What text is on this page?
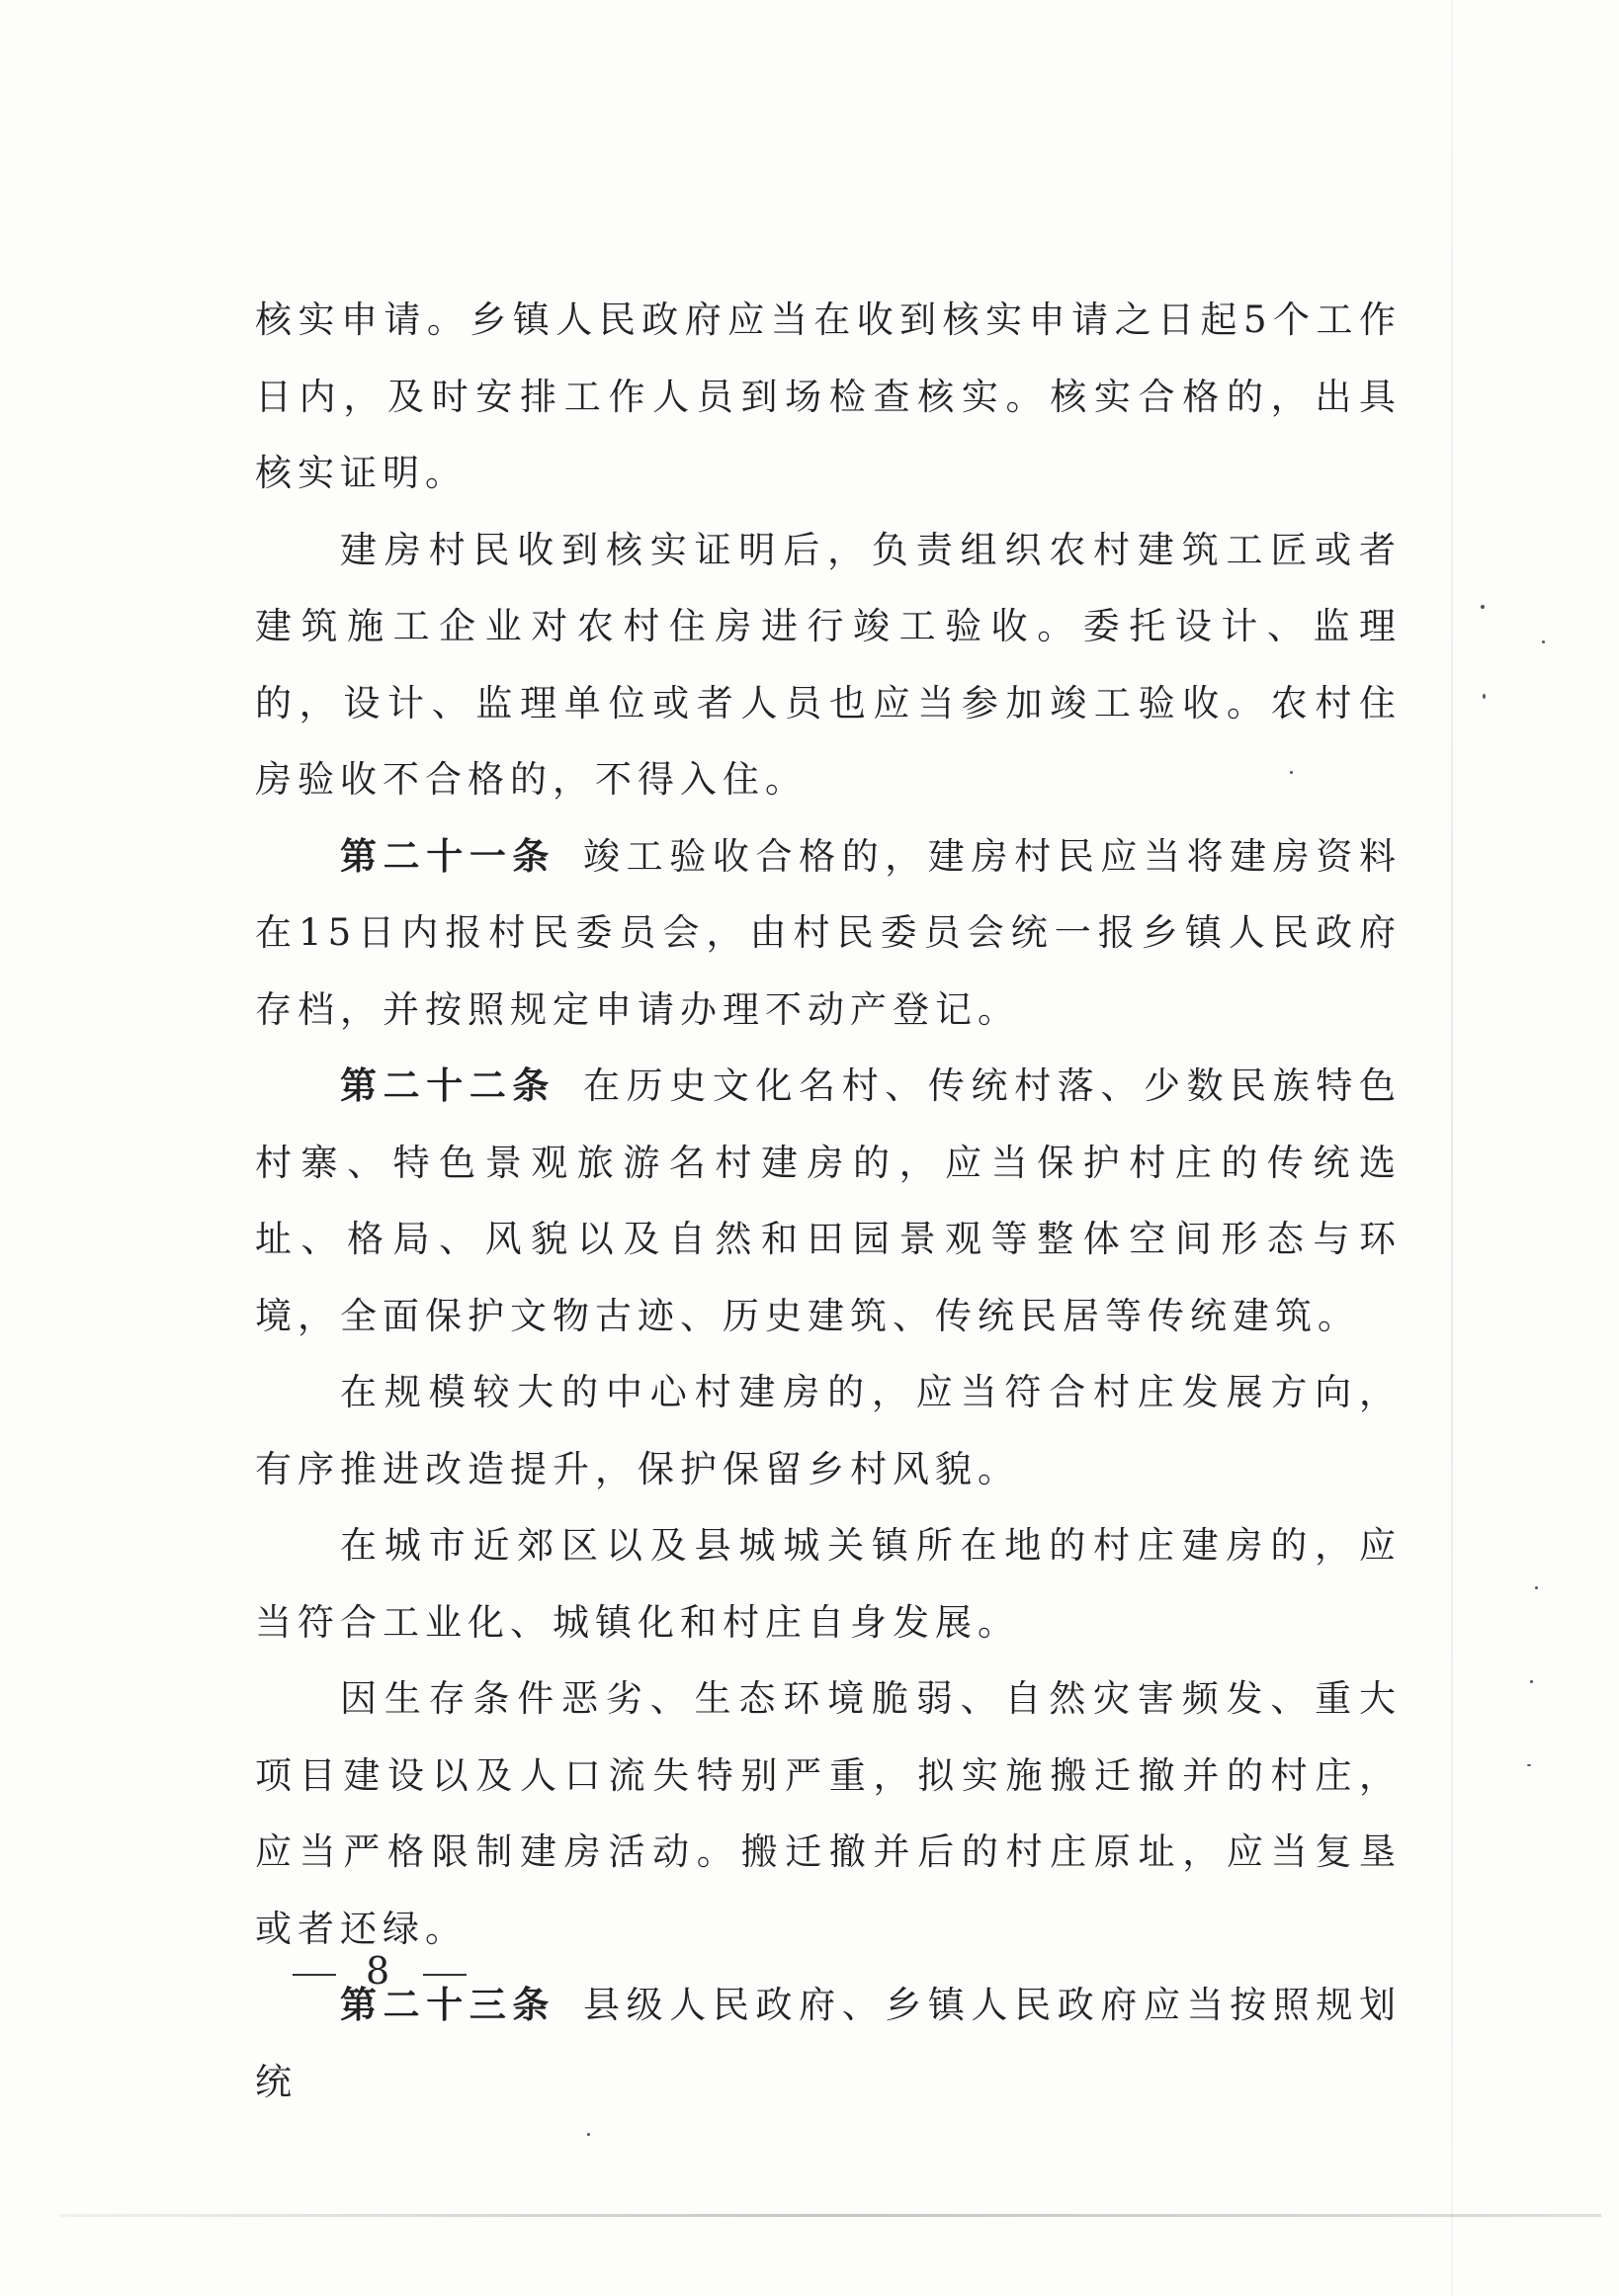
核实申请。乡镇人民政府应当在收到核实申请之日起5个工作日内，及时安排工作人员到场检查核实。核实合格的，出具核实证明。

建房村民收到核实证明后，负责组织农村建筑工匠或者建筑施工企业对农村住房进行竣工验收。委托设计、监理的，设计、监理单位或者人员也应当参加竣工验收。农村住房验收不合格的，不得入住。

第二十一条 竣工验收合格的，建房村民应当将建房资料在15日内报村民委员会，由村民委员会统一报乡镇人民政府存档，并按照规定申请办理不动产登记。

第二十二条 在历史文化名村、传统村落、少数民族特色村寨、特色景观旅游名村建房的，应当保护村庄的传统选址、格局、风貌以及自然和田园景观等整体空间形态与环境，全面保护文物古迹、历史建筑、传统民居等传统建筑。

在规模较大的中心村建房的，应当符合村庄发展方向，有序推进改造提升，保护保留乡村风貌。

在城市近郊区以及县城城关镇所在地的村庄建房的，应当符合工业化、城镇化和村庄自身发展。

因生存条件恶劣、生态环境脆弱、自然灾害频发、重大项目建设以及人口流失特别严重，拟实施搬迁撤并的村庄，应当严格限制建房活动。搬迁撤并后的村庄原址，应当复垦或者还绿。

第二十三条 县级人民政府、乡镇人民政府应当按照规划统

8
